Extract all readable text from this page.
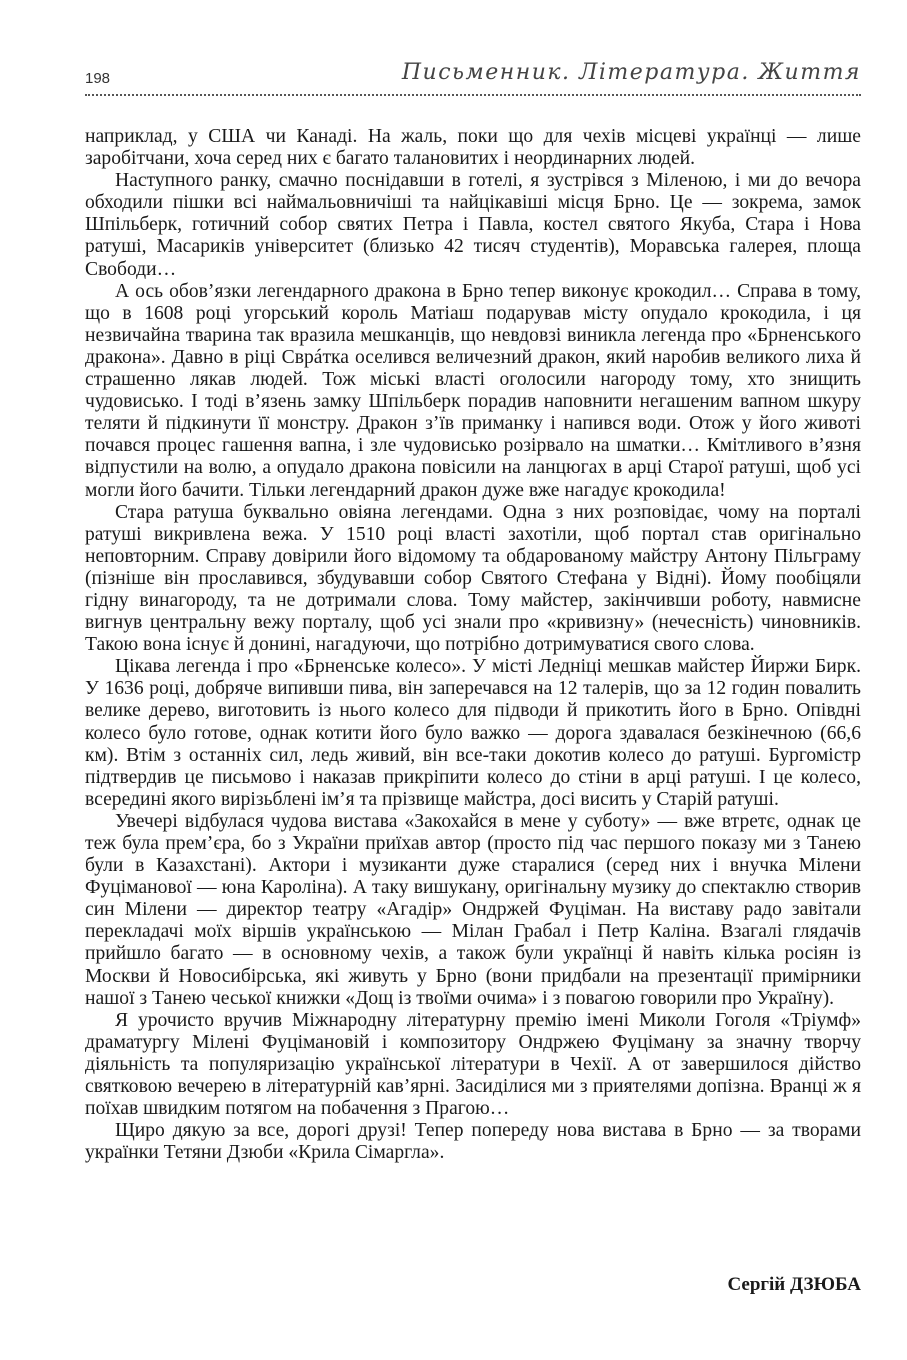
198	Письменник. Література. Життя

наприклад, у США чи Канаді. На жаль, поки що для чехів місцеві українці — лише заробітчани, хоча серед них є багато талановитих і неординарних людей.

Наступного ранку, смачно поснідавши в готелі, я зустрівся з Міленою, і ми до вечора обходили пішки всі наймальовничіші та найцікавіші місця Брно. Це — зокрема, замок Шпільберк, готичний собор святих Петра і Павла, костел святого Якуба, Стара і Нова ратуші, Масариків університет (близько 42 тисяч студентів), Моравська галерея, площа Свободи…

А ось обов’язки легендарного дракона в Брно тепер виконує крокодил… Справа в тому, що в 1608 році угорський король Матіаш подарував місту опудало крокодила, і ця незвичайна тварина так вразила мешканців, що невдовзі виникла легенда про «Брненського дракона». Давно в ріці Сврáтка оселився величезний дракон, який наробив великого лиха й страшенно лякав людей. Тож міські власті оголосили нагороду тому, хто знищить чудовисько. І тоді в’язень замку Шпільберк порадив наповнити негашеним вапном шкуру теляти й підкинути її монстру. Дракон з’їв приманку і напився води. Отож у його животі почався процес гашення вапна, і зле чудовисько розірвало на шматки… Кмітливого в’язня відпустили на волю, а опудало дракона повісили на ланцюгах в арці Старої ратуші, щоб усі могли його бачити. Тільки легендарний дракон дуже вже нагадує крокодила!

Стара ратуша буквально овіяна легендами. Одна з них розповідає, чому на порталі ратуші викривлена вежа. У 1510 році власті захотіли, щоб портал став оригінально неповторним. Справу довірили його відомому та обдарованому майстру Антону Пільграму (пізніше він прославився, збудувавши собор Святого Стефана у Відні). Йому пообіцяли гідну винагороду, та не дотримали слова. Тому майстер, закінчивши роботу, навмисне вигнув центральну вежу порталу, щоб усі знали про «кривизну» (нечесність) чиновників. Такою вона існує й донині, нагадуючи, що потрібно дотримуватися свого слова.

Цікава легенда і про «Брненське колесо». У місті Ледніці мешкав майстер Йиржи Бирк. У 1636 році, добряче випивши пива, він заперечався на 12 талерів, що за 12 годин повалить велике дерево, виготовить із нього колесо для підводи й прикотить його в Брно. Опівдні колесо було готове, однак котити його було важко — дорога здавалася безкінечною (66,6 км). Втім з останніх сил, ледь живий, він все-таки докотив колесо до ратуші. Бургомістр підтвердив це письмово і наказав прикріпити колесо до стіни в арці ратуші. І це колесо, всередині якого вирізьблені ім’я та прізвище майстра, досі висить у Старій ратуші.

Увечері відбулася чудова вистава «Закохайся в мене у суботу» — вже втретє, однак це теж була прем’єра, бо з України приїхав автор (просто під час першого показу ми з Танею були в Казахстані). Актори і музиканти дуже старалися (серед них і внучка Мілени Фуціманової — юна Кароліна). А таку вишукану, оригінальну музику до спектаклю створив син Мілени — директор театру «Агадір» Ондржей Фуціман. На виставу радо завітали перекладачі моїх віршів українською — Мілан Грабал і Петр Каліна. Взагалі глядачів прийшло багато — в основному чехів, а також були українці й навіть кілька росіян із Москви й Новосибірська, які живуть у Брно (вони придбали на презентації примірники нашої з Танею чеської книжки «Дощ із твоїми очима» і з повагою говорили про Україну).

Я урочисто вручив Міжнародну літературну премію імені Миколи Гоголя «Тріумф» драматургу Мілені Фуцімановій і композитору Ондржею Фуціману за значну творчу діяльність та популяризацію української літератури в Чехії. А от завершилося дійство святковою вечерею в літературній кав’ярні. Засиділися ми з приятелями допізна. Вранці ж я поїхав швидким потягом на побачення з Прагою…

Щиро дякую за все, дорогі друзі! Тепер попереду нова вистава в Брно — за творами українки Тетяни Дзюби «Крила Сімаргла».

Сергій ДЗЮБА
